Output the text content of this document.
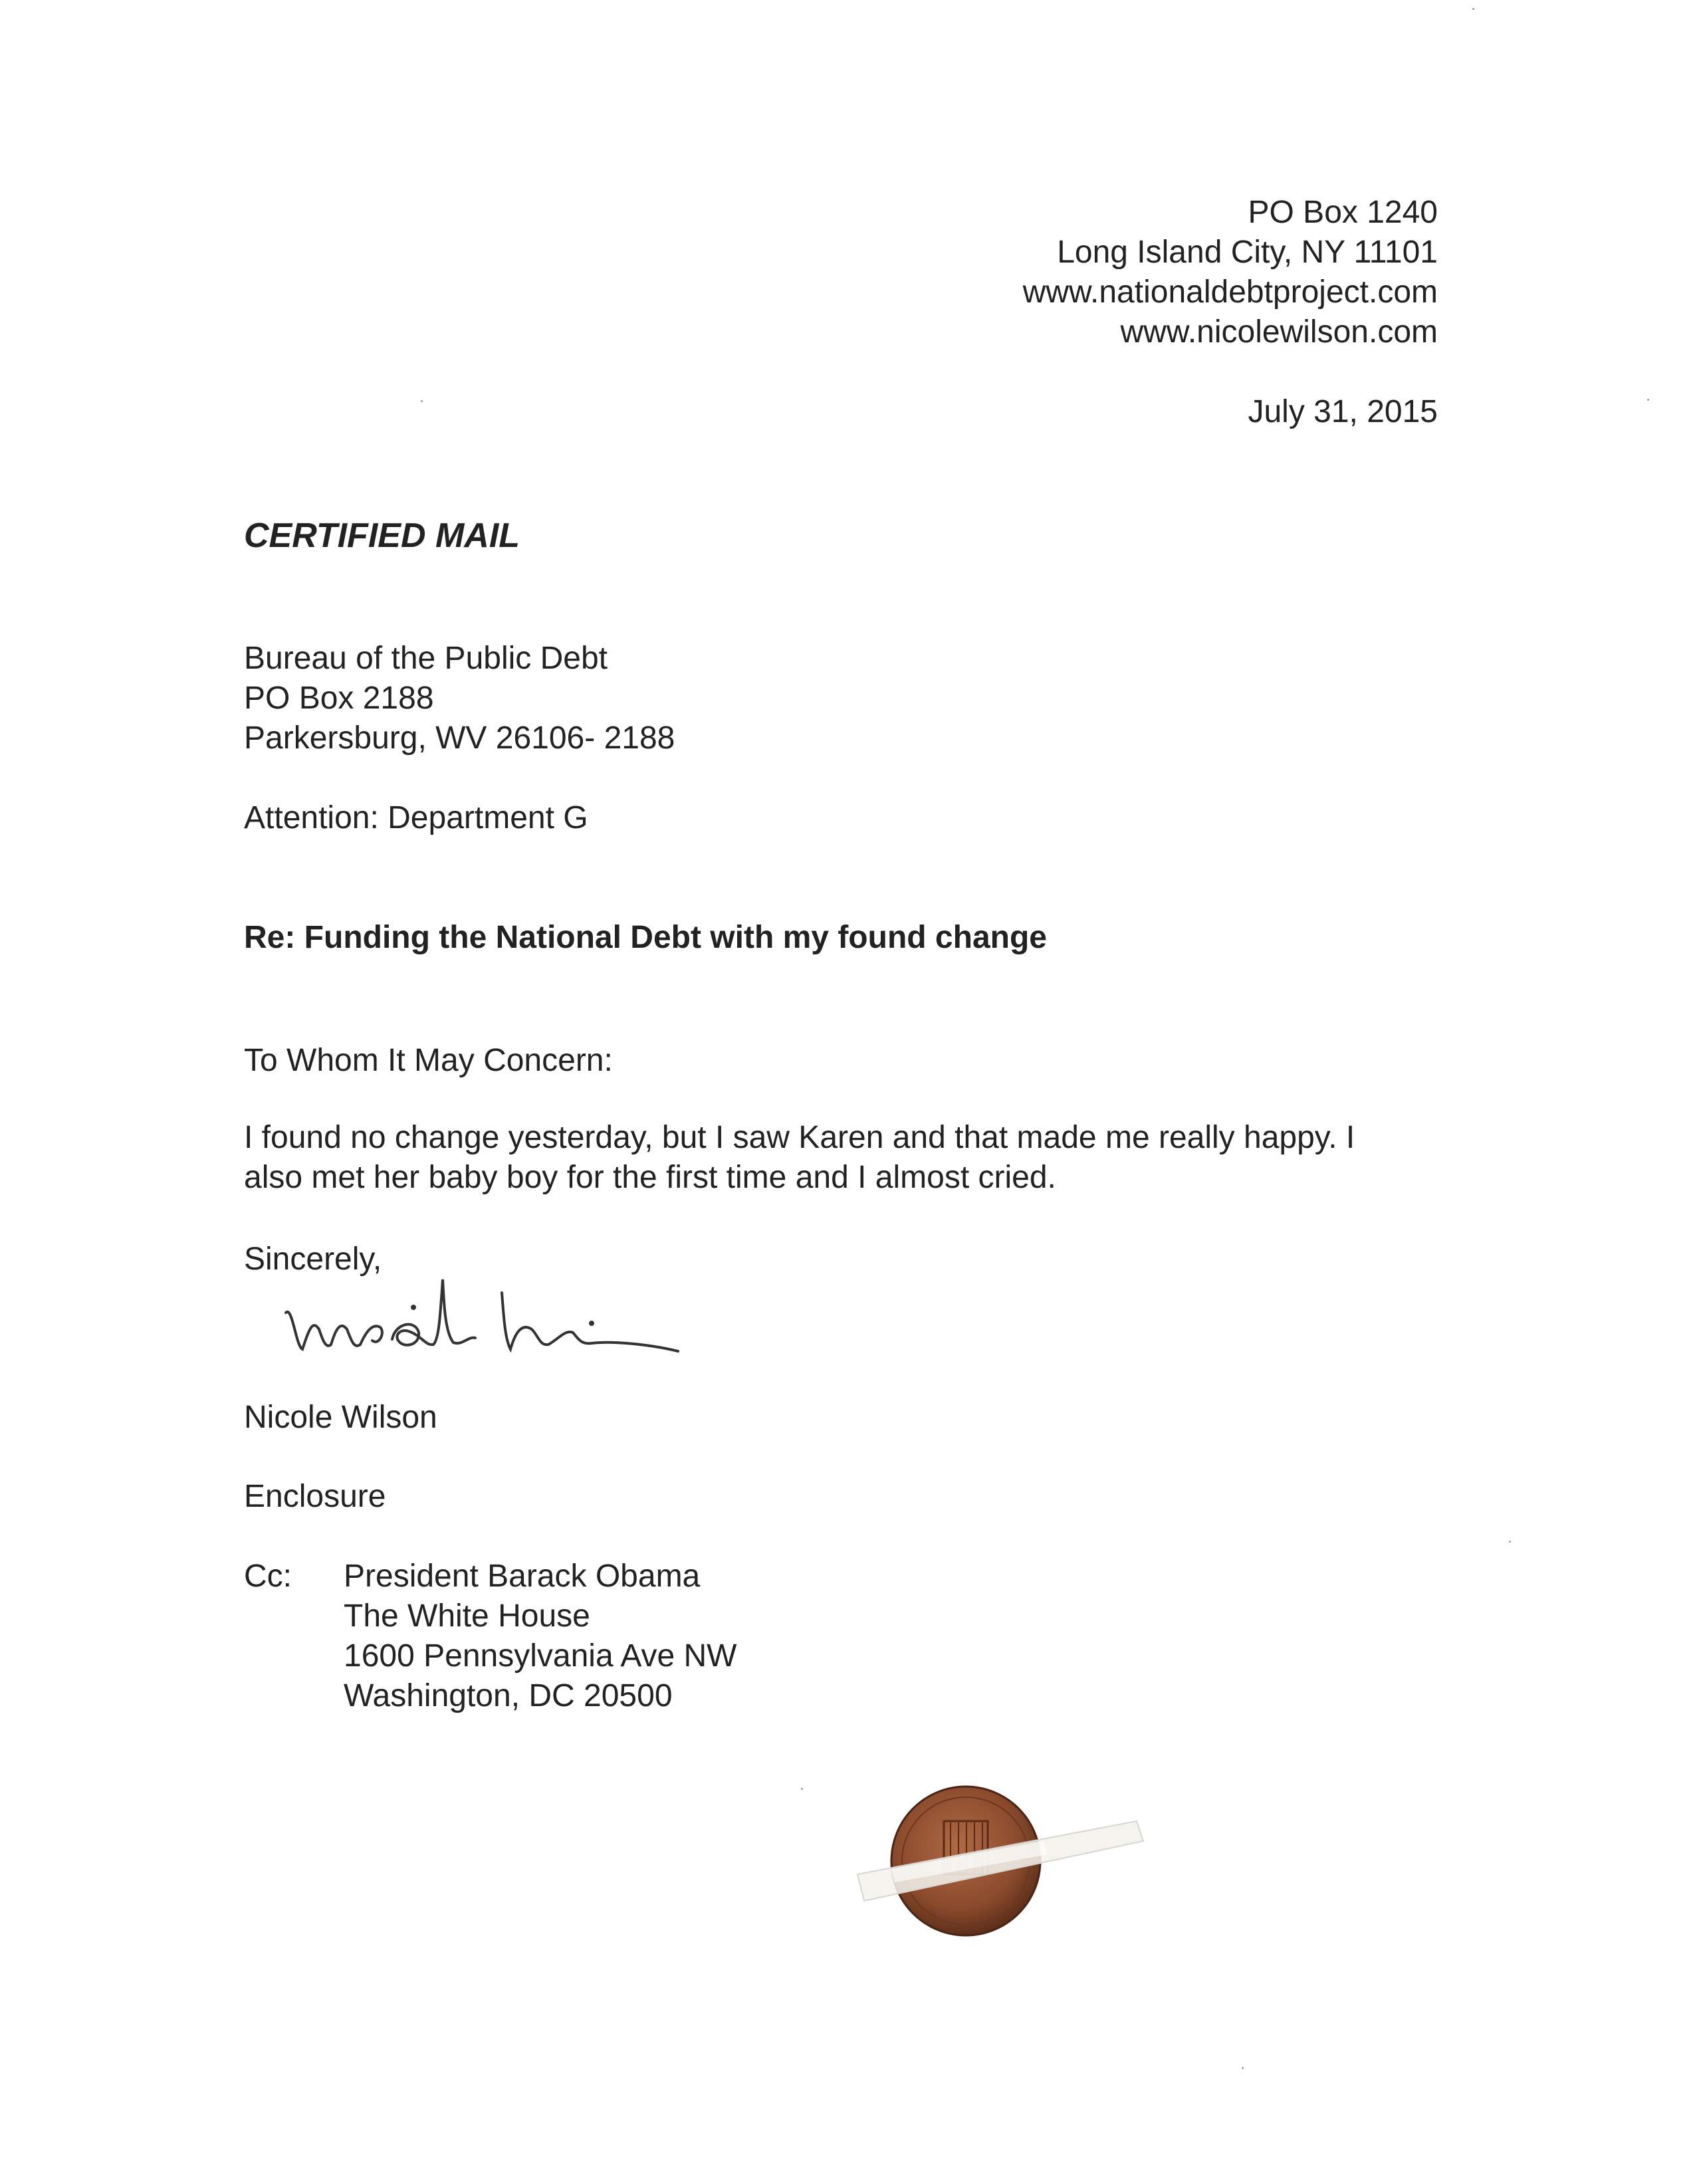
PO Box 1240
Long Island City, NY 11101
www.nationaldebtproject.com
www.nicolewilson.com
July 31, 2015
CERTIFIED MAIL
Bureau of the Public Debt
PO Box 2188
Parkersburg, WV 26106- 2188
Attention: Department G
Re: Funding the National Debt with my found change
To Whom It May Concern:
I found no change yesterday, but I saw Karen and that made me really happy. I
also met her baby boy for the first time and I almost cried.
Sincerely,
Nicole Wilson
Enclosure
Cc: President Barack Obama
The White House
1600 Pennsylvania Ave NW
Washington, DC 20500
